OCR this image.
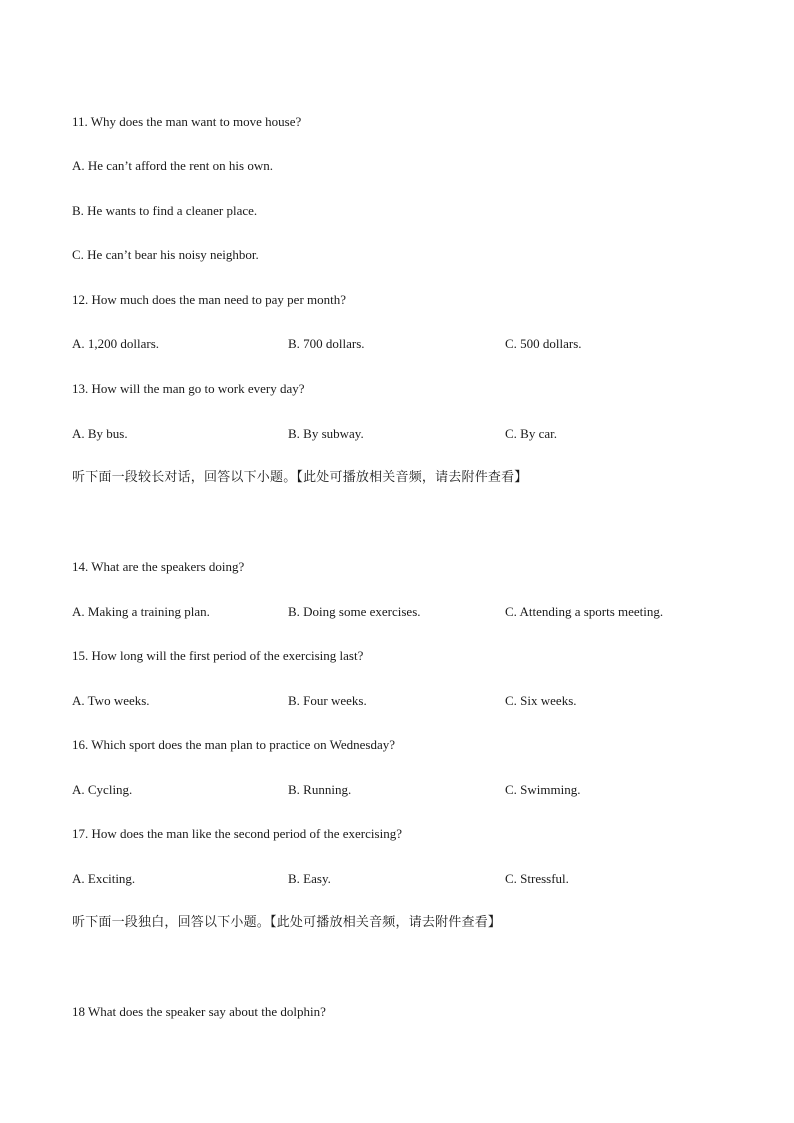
11. Why does the man want to move house?
A. He can’t afford the rent on his own.
B. He wants to find a cleaner place.
C. He can’t bear his noisy neighbor.
12. How much does the man need to pay per month?
A. 1,200 dollars.	B. 700 dollars.	C. 500 dollars.
13. How will the man go to work every day?
A. By bus.	B. By subway.	C. By car.
听下面一段较长对话，回答以下小题。【此处可播放相关音频，请去附件查看】
14. What are the speakers doing?
A. Making a training plan.	B. Doing some exercises.	C. Attending a sports meeting.
15. How long will the first period of the exercising last?
A. Two weeks.	B. Four weeks.	C. Six weeks.
16. Which sport does the man plan to practice on Wednesday?
A. Cycling.	B. Running.	C. Swimming.
17. How does the man like the second period of the exercising?
A. Exciting.	B. Easy.	C. Stressful.
听下面一段独白，回答以下小题。【此处可播放相关音频，请去附件查看】
18 What does the speaker say about the dolphin?
